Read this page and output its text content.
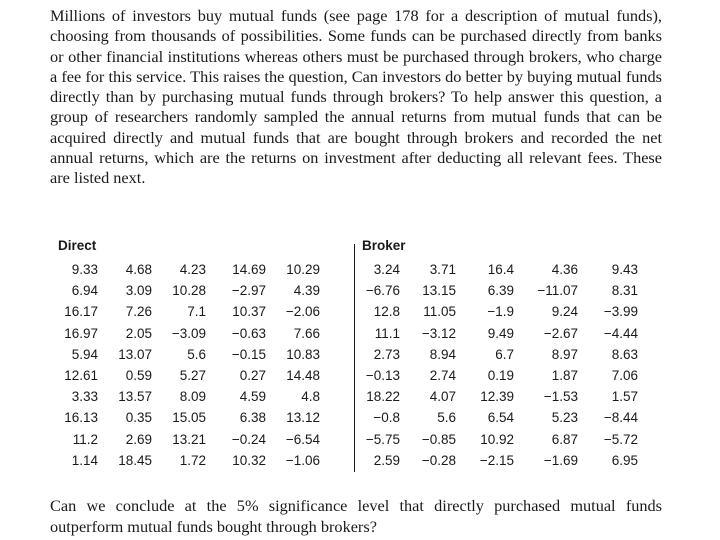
Millions of investors buy mutual funds (see page 178 for a description of mutual funds), choosing from thousands of possibilities. Some funds can be purchased directly from banks or other financial institutions whereas others must be purchased through brokers, who charge a fee for this service. This raises the question, Can investors do better by buying mutual funds directly than by purchasing mutual funds through brokers? To help answer this question, a group of researchers randomly sampled the annual returns from mutual funds that can be acquired directly and mutual funds that are bought through brokers and recorded the net annual returns, which are the returns on investment after deducting all relevant fees. These are listed next.

Direct	Broker
9.33	4.68	4.23	14.69	10.29	3.24	3.71	16.4	4.36	9.43
6.94	3.09	10.28	−2.97	4.39	−6.76	13.15	6.39	−11.07	8.31
16.17	7.26	7.1	10.37	−2.06	12.8	11.05	−1.9	9.24	−3.99
16.97	2.05	−3.09	−0.63	7.66	11.1	−3.12	9.49	−2.67	−4.44
5.94	13.07	5.6	−0.15	10.83	2.73	8.94	6.7	8.97	8.63
12.61	0.59	5.27	0.27	14.48	−0.13	2.74	0.19	1.87	7.06
3.33	13.57	8.09	4.59	4.8	18.22	4.07	12.39	−1.53	1.57
16.13	0.35	15.05	6.38	13.12	−0.8	5.6	6.54	5.23	−8.44
11.2	2.69	13.21	−0.24	−6.54	−5.75	−0.85	10.92	6.87	−5.72
1.14	18.45	1.72	10.32	−1.06	2.59	−0.28	−2.15	−1.69	6.95

Can we conclude at the 5% significance level that directly purchased mutual funds outperform mutual funds bought through brokers?
